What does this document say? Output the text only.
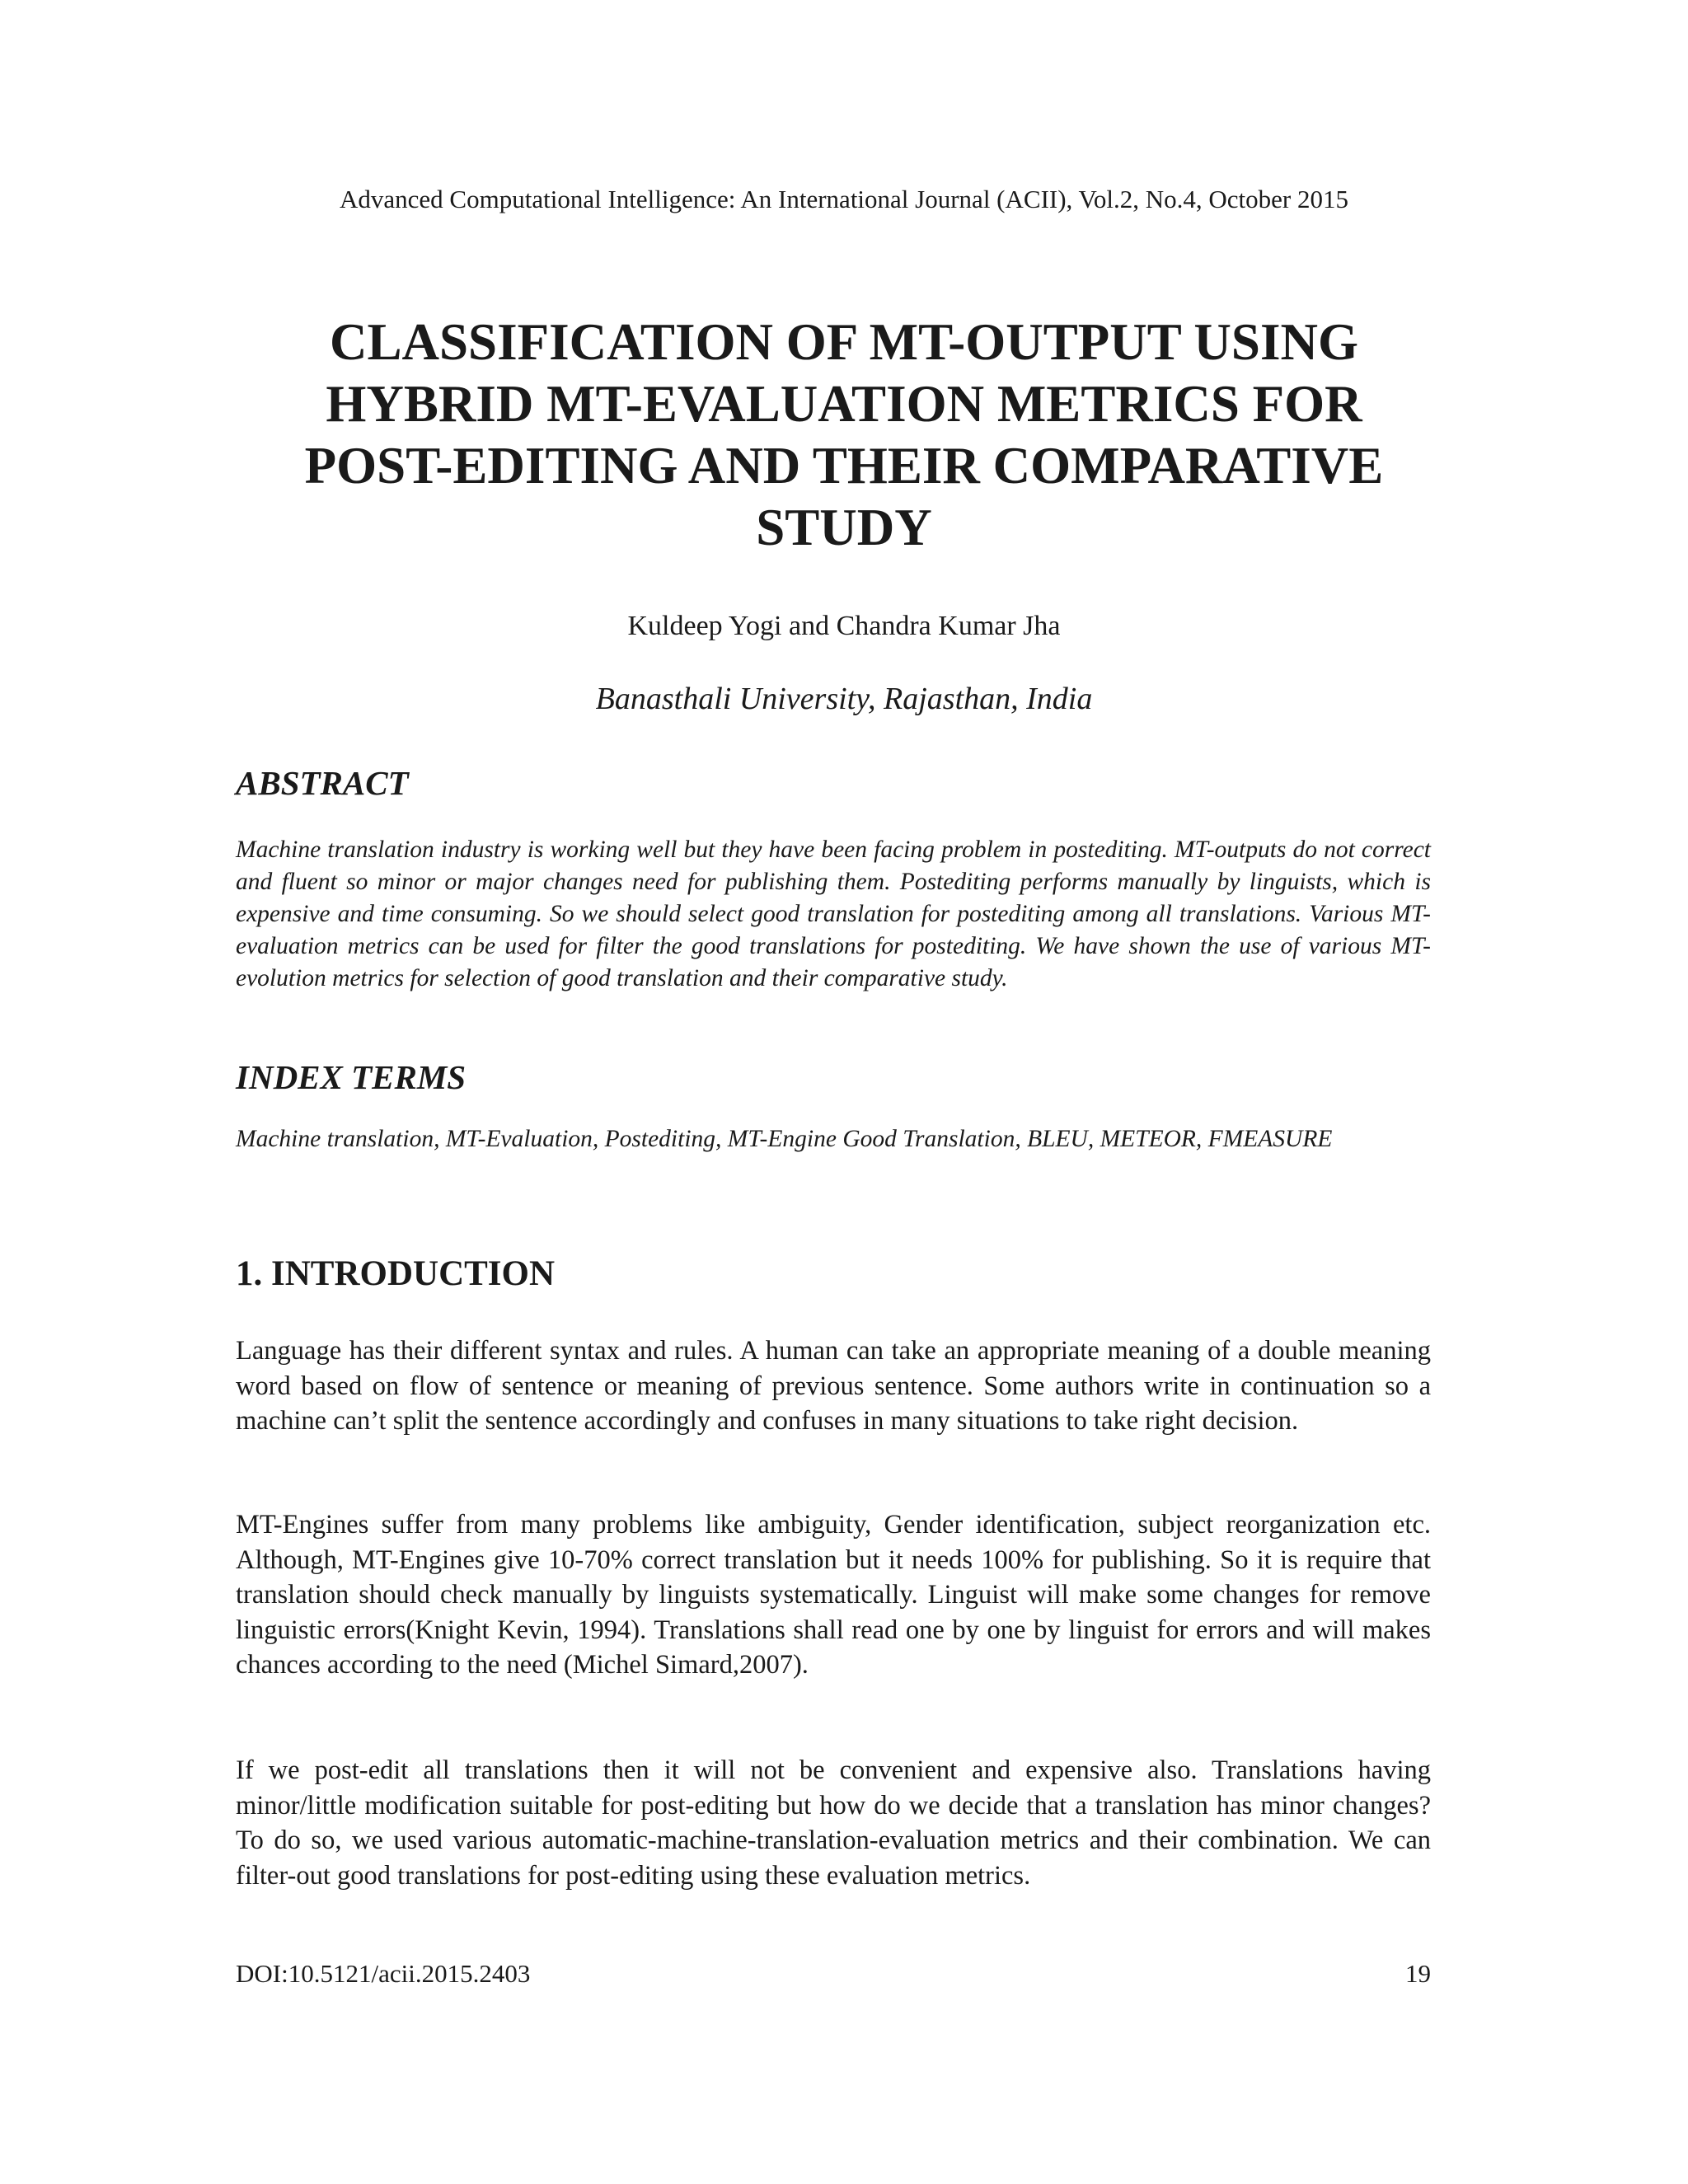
Advanced Computational Intelligence: An International Journal (ACII), Vol.2, No.4, October 2015
CLASSIFICATION OF MT-OUTPUT USING
HYBRID MT-EVALUATION METRICS FOR
POST-EDITING AND THEIR COMPARATIVE
STUDY
Kuldeep Yogi and Chandra Kumar Jha
Banasthali University, Rajasthan, India
ABSTRACT

Machine translation industry is working well but they have been facing problem in postediting. MT-outputs do not correct and fluent so minor or major changes need for publishing them. Postediting performs manually by linguists, which is expensive and time consuming. So we should select good translation for postediting among all translations. Various MT-evaluation metrics can be used for filter the good translations for postediting. We have shown the use of various MT-evolution metrics for selection of good translation and their comparative study.

INDEX TERMS

Machine translation, MT-Evaluation, Postediting, MT-Engine Good Translation, BLEU, METEOR, FMEASURE

1. INTRODUCTION

Language has their different syntax and rules. A human can take an appropriate meaning of a double meaning word based on flow of sentence or meaning of previous sentence. Some authors write in continuation so a machine can’t split the sentence accordingly and confuses in many situations to take right decision.

MT-Engines suffer from many problems like ambiguity, Gender identification, subject reorganization etc. Although, MT-Engines give 10-70% correct translation but it needs 100% for publishing. So it is require that translation should check manually by linguists systematically. Linguist will make some changes for remove linguistic errors(Knight Kevin, 1994). Translations shall read one by one by linguist for errors and will makes chances according to the need (Michel Simard,2007).

If we post-edit all translations then it will not be convenient and expensive also. Translations having minor/little modification suitable for post-editing but how do we decide that a translation has minor changes? To do so, we used various automatic-machine-translation-evaluation metrics and their combination. We can filter-out good translations for post-editing using these evaluation metrics.

DOI:10.5121/acii.2015.2403	19
